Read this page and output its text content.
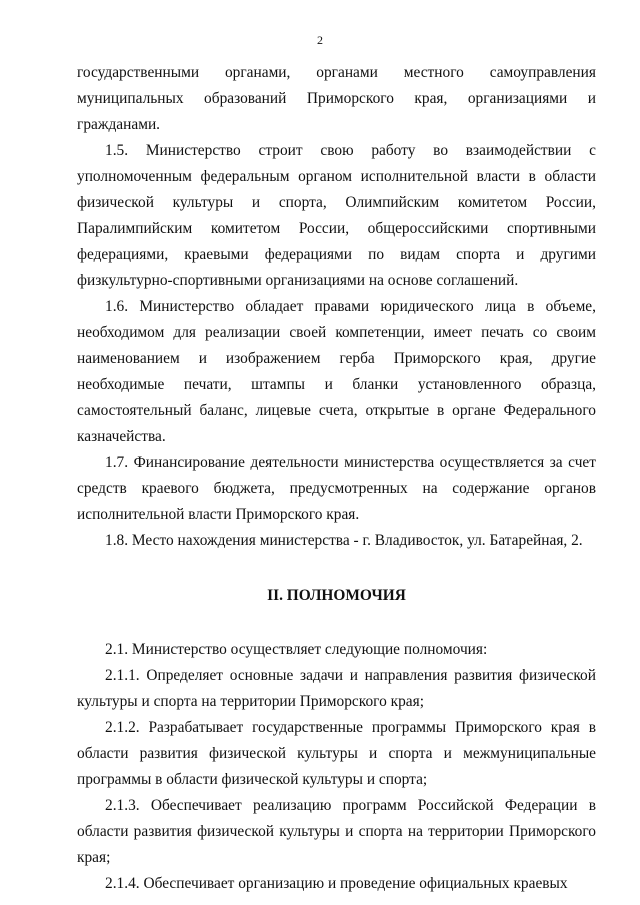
2

государственными органами, органами местного самоуправления муниципальных образований Приморского края, организациями и гражданами.

1.5. Министерство строит свою работу во взаимодействии с уполномоченным федеральным органом исполнительной власти в области физической культуры и спорта, Олимпийским комитетом России, Паралимпийским комитетом России, общероссийскими спортивными федерациями, краевыми федерациями по видам спорта и другими физкультурно-спортивными организациями на основе соглашений.

1.6. Министерство обладает правами юридического лица в объеме, необходимом для реализации своей компетенции, имеет печать со своим наименованием и изображением герба Приморского края, другие необходимые печати, штампы и бланки установленного образца, самостоятельный баланс, лицевые счета, открытые в органе Федерального казначейства.

1.7. Финансирование деятельности министерства осуществляется за счет средств краевого бюджета, предусмотренных на содержание органов исполнительной власти Приморского края.

1.8. Место нахождения министерства - г. Владивосток, ул. Батарейная, 2.

II. ПОЛНОМОЧИЯ

2.1. Министерство осуществляет следующие полномочия:

2.1.1. Определяет основные задачи и направления развития физической культуры и спорта на территории Приморского края;

2.1.2. Разрабатывает государственные программы Приморского края в области развития физической культуры и спорта и межмуниципальные программы в области физической культуры и спорта;

2.1.3. Обеспечивает реализацию программ Российской Федерации в области развития физической культуры и спорта на территории Приморского края;

2.1.4. Обеспечивает организацию и проведение официальных краевых
